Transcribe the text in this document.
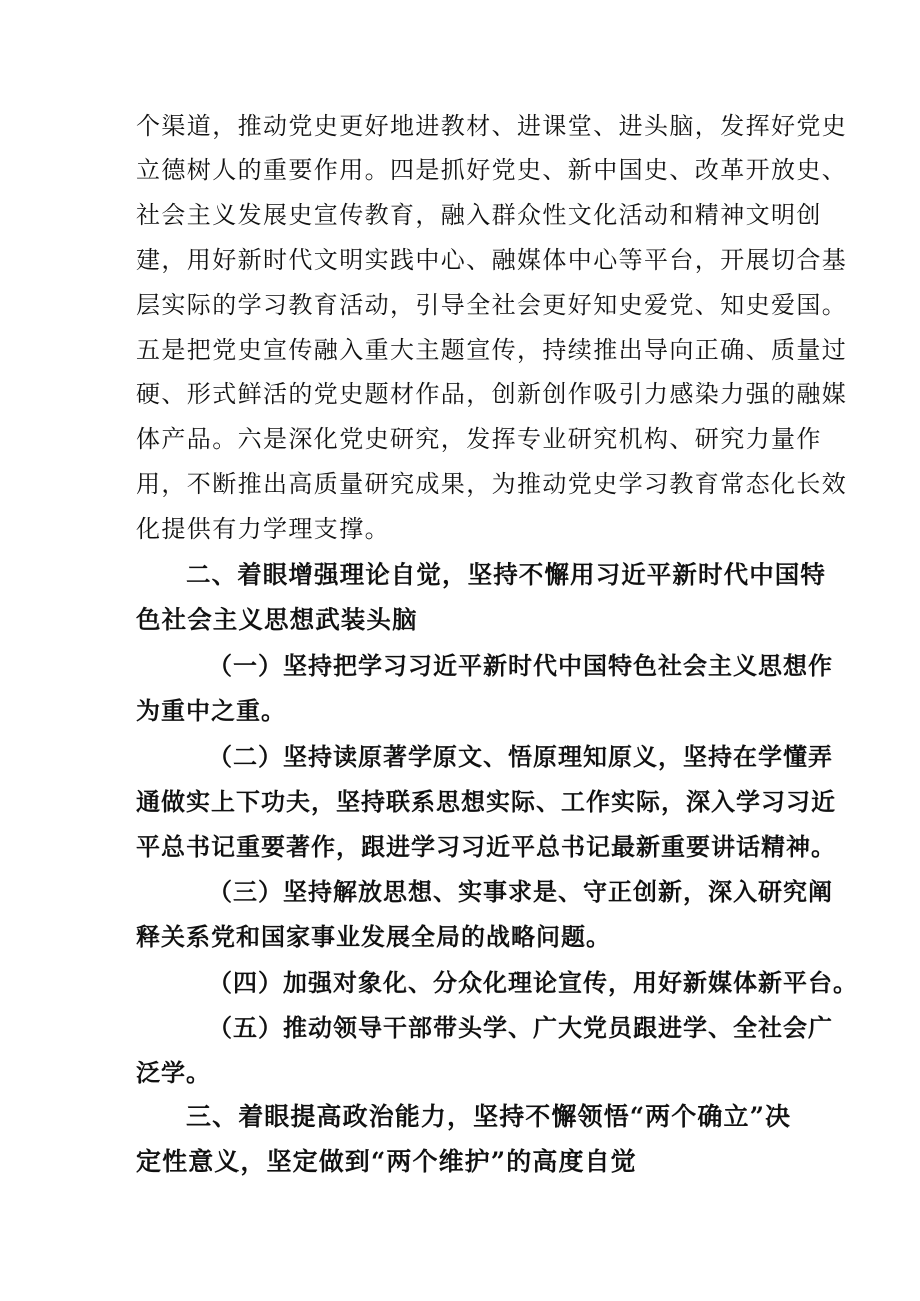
个渠道，推动党史更好地进教材、进课堂、进头脑，发挥好党史
立德树人的重要作用。四是抓好党史、新中国史、改革开放史、
社会主义发展史宣传教育，融入群众性文化活动和精神文明创
建，用好新时代文明实践中心、融媒体中心等平台，开展切合基
层实际的学习教育活动，引导全社会更好知史爱党、知史爱国。
五是把党史宣传融入重大主题宣传，持续推出导向正确、质量过
硬、形式鲜活的党史题材作品，创新创作吸引力感染力强的融媒
体产品。六是深化党史研究，发挥专业研究机构、研究力量作
用，不断推出高质量研究成果，为推动党史学习教育常态化长效
化提供有力学理支撑。
二、着眼增强理论自觉，坚持不懈用习近平新时代中国特
色社会主义思想武装头脑
（一）坚持把学习习近平新时代中国特色社会主义思想作
为重中之重。
（二）坚持读原著学原文、悟原理知原义，坚持在学懂弄
通做实上下功夫，坚持联系思想实际、工作实际，深入学习习近
平总书记重要著作，跟进学习习近平总书记最新重要讲话精神。
（三）坚持解放思想、实事求是、守正创新，深入研究阐
释关系党和国家事业发展全局的战略问题。
（四）加强对象化、分众化理论宣传，用好新媒体新平台。
（五）推动领导干部带头学、广大党员跟进学、全社会广
泛学。
三、着眼提高政治能力，坚持不懈领悟“两个确立”决
定性意义，坚定做到“两个维护”的高度自觉
